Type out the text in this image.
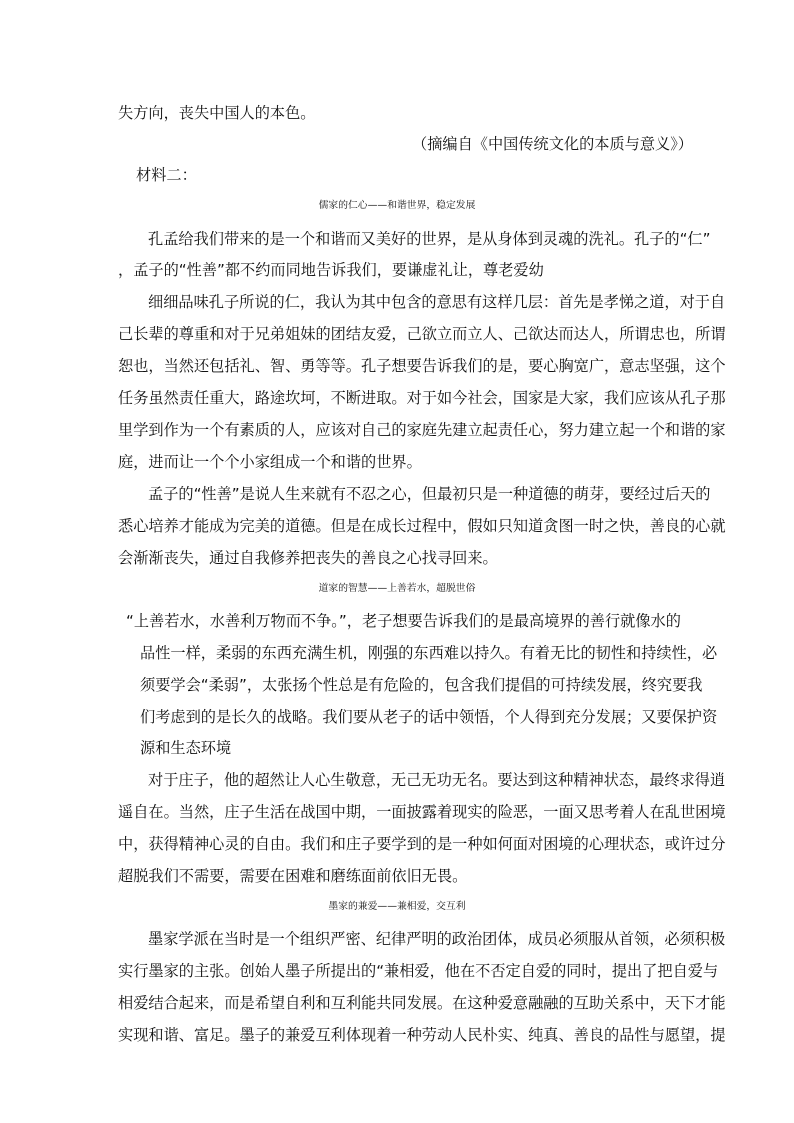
失方向，丧失中国人的本色。
（摘编自《中国传统文化的本质与意义》）
材料二：
儒家的仁心——和谐世界，稳定发展
孔孟给我们带来的是一个和谐而又美好的世界，是从身体到灵魂的洗礼。孔子的“仁”
，孟子的“性善”都不约而同地告诉我们，要谦虚礼让，尊老爱幼
细细品味孔子所说的仁，我认为其中包含的意思有这样几层：首先是孝悌之道，对于自
己长辈的尊重和对于兄弟姐妹的团结友爱，己欲立而立人、己欲达而达人，所谓忠也，所谓
恕也，当然还包括礼、智、勇等等。孔子想要告诉我们的是，要心胸宽广，意志坚强，这个
任务虽然责任重大，路途坎坷，不断进取。对于如今社会，国家是大家，我们应该从孔子那
里学到作为一个有素质的人，应该对自己的家庭先建立起责任心，努力建立起一个和谐的家
庭，进而让一个个小家组成一个和谐的世界。
孟子的“性善”是说人生来就有不忍之心，但最初只是一种道德的萌芽，要经过后天的
悉心培养才能成为完美的道德。但是在成长过程中，假如只知道贪图一时之快，善良的心就
会渐渐丧失，通过自我修养把丧失的善良之心找寻回来。
道家的智慧——上善若水，超脱世俗
“上善若水，水善利万物而不争。”，老子想要告诉我们的是最高境界的善行就像水的
品性一样，柔弱的东西充满生机，刚强的东西难以持久。有着无比的韧性和持续性，必
须要学会“柔弱”，太张扬个性总是有危险的，包含我们提倡的可持续发展，终究要我
们考虑到的是长久的战略。我们要从老子的话中领悟，个人得到充分发展；又要保护资
源和生态环境
对于庄子，他的超然让人心生敬意，无己无功无名。要达到这种精神状态，最终求得逍
遥自在。当然，庄子生活在战国中期，一面披露着现实的险恶，一面又思考着人在乱世困境
中，获得精神心灵的自由。我们和庄子要学到的是一种如何面对困境的心理状态，或许过分
超脱我们不需要，需要在困难和磨练面前依旧无畏。
墨家的兼爱——兼相爱，交互利
墨家学派在当时是一个组织严密、纪律严明的政治团体，成员必须服从首领，必须积极
实行墨家的主张。创始人墨子所提出的“兼相爱，他在不否定自爱的同时，提出了把自爱与
相爱结合起来，而是希望自利和互利能共同发展。在这种爱意融融的互助关系中，天下才能
实现和谐、富足。墨子的兼爱互利体现着一种劳动人民朴实、纯真、善良的品性与愿望，提
